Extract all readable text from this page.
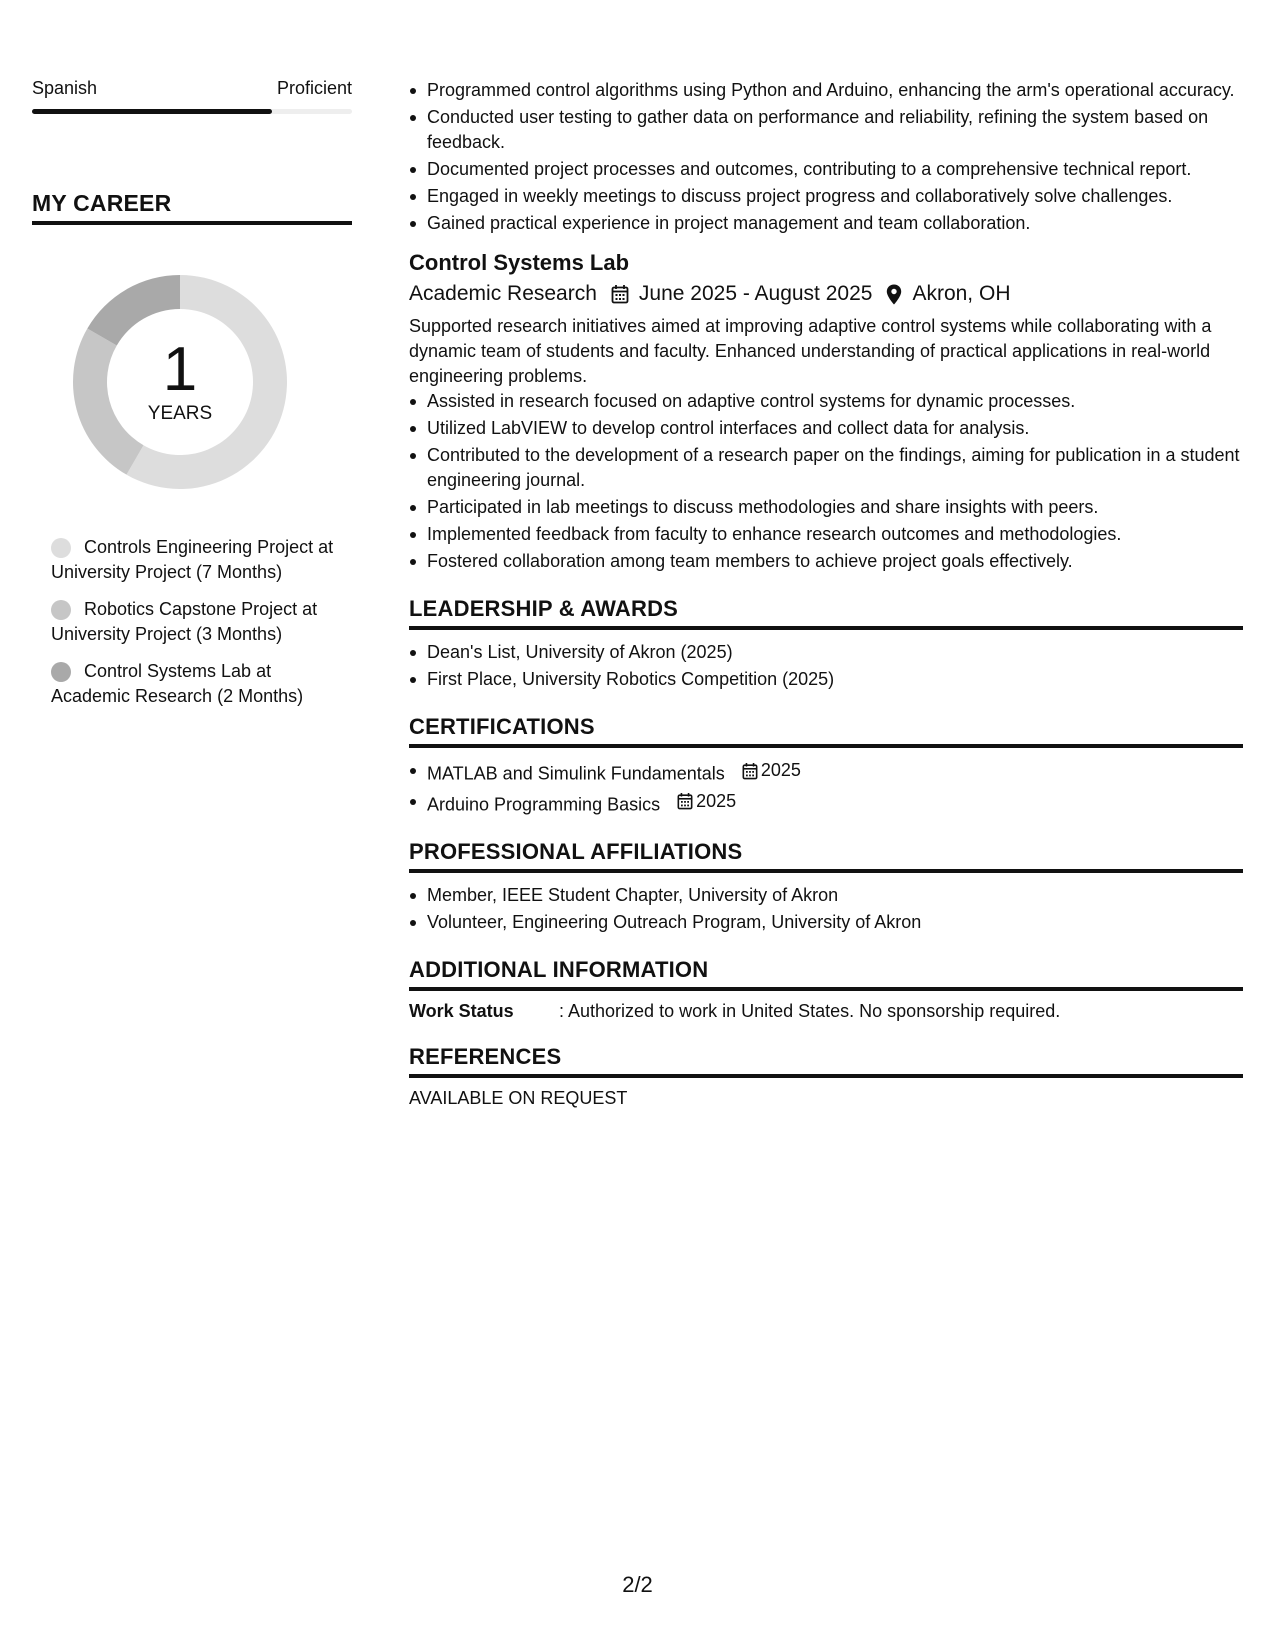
Spanish	Proficient
MY CAREER
1
YEARS
Controls Engineering Project at University Project (7 Months)
Robotics Capstone Project at University Project (3 Months)
Control Systems Lab at Academic Research (2 Months)
Programmed control algorithms using Python and Arduino, enhancing the arm's operational accuracy.
Conducted user testing to gather data on performance and reliability, refining the system based on feedback.
Documented project processes and outcomes, contributing to a comprehensive technical report.
Engaged in weekly meetings to discuss project progress and collaboratively solve challenges.
Gained practical experience in project management and team collaboration.
Control Systems Lab
Academic Research June 2025 - August 2025 Akron, OH
Supported research initiatives aimed at improving adaptive control systems while collaborating with a dynamic team of students and faculty. Enhanced understanding of practical applications in real-world engineering problems.
Assisted in research focused on adaptive control systems for dynamic processes.
Utilized LabVIEW to develop control interfaces and collect data for analysis.
Contributed to the development of a research paper on the findings, aiming for publication in a student engineering journal.
Participated in lab meetings to discuss methodologies and share insights with peers.
Implemented feedback from faculty to enhance research outcomes and methodologies.
Fostered collaboration among team members to achieve project goals effectively.
LEADERSHIP & AWARDS
Dean's List, University of Akron (2025)
First Place, University Robotics Competition (2025)
CERTIFICATIONS
MATLAB and Simulink Fundamentals 2025
Arduino Programming Basics 2025
PROFESSIONAL AFFILIATIONS
Member, IEEE Student Chapter, University of Akron
Volunteer, Engineering Outreach Program, University of Akron
ADDITIONAL INFORMATION
Work Status	: Authorized to work in United States. No sponsorship required.
REFERENCES
AVAILABLE ON REQUEST
2/2
